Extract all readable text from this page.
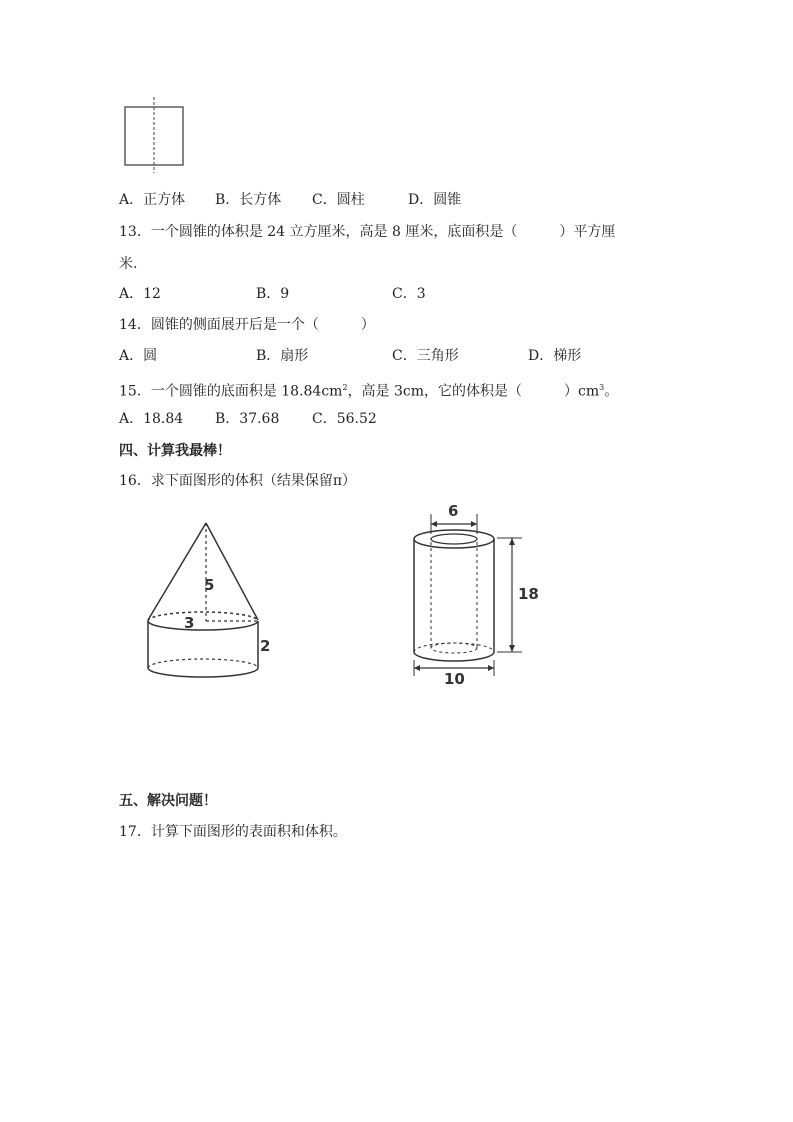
A．正方体 B．长方体 C．圆柱	D．圆锥
13．一个圆锥的体积是 24 立方厘米，高是 8 厘米，底面积是（　　　）平方厘
米.
A．12	B．9	C．3
14．圆锥的侧面展开后是一个（　　　）
A．圆	B．扇形	C．三角形	D．梯形
15．一个圆锥的底面积是 $18.84cm^2$，高是 3cm，它的体积是（　　　）$cm^3$。
A．18.84 B．37.68 C．56.52
四、计算我最棒！
16．求下面图形的体积（结果保留π）
5
3
2
6
18
10
五、解决问题！
17．计算下面图形的表面积和体积。
